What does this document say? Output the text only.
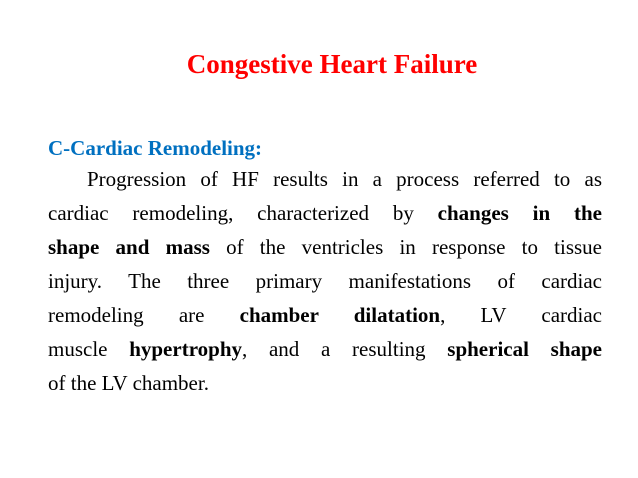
Congestive Heart Failure
C-Cardiac Remodeling:
Progression of HF results in a process referred to as
cardiac remodeling, characterized by changes in the
shape and mass of the ventricles in response to tissue
injury. The three primary manifestations of cardiac
remodeling are chamber dilatation, LV cardiac
muscle hypertrophy, and a resulting spherical shape
of the LV chamber.
